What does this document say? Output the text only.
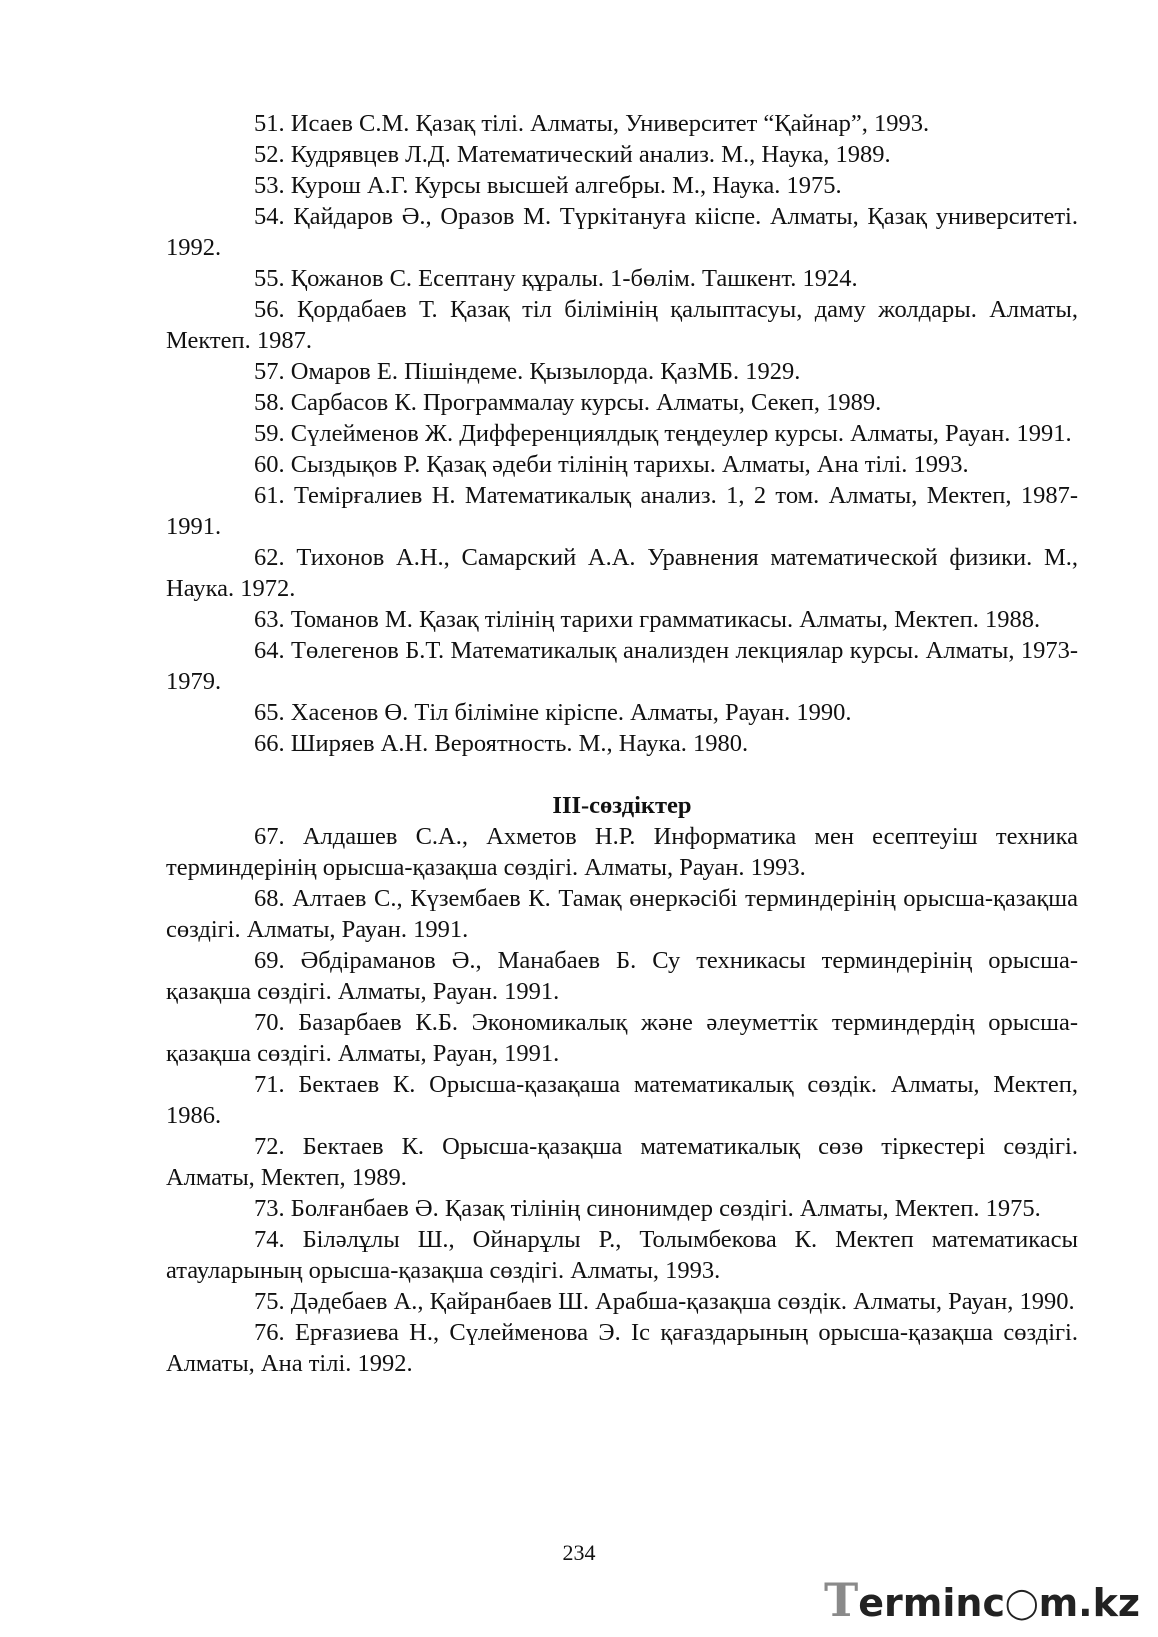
51. Исаев С.М. Қазақ тілі. Алматы, Университет “Қайнар”, 1993.

52. Кудрявцев Л.Д. Математический анализ. М., Наука, 1989.

53. Курош А.Г. Курсы высшей алгебры. М., Наука. 1975.

54. Қайдаров Ә., Оразов М. Түркітануға кіiспе. Алматы, Қазақ университеті. 1992.

55. Қожанов С. Есептану құралы. 1-бөлім. Ташкент. 1924.

56. Қордабаев Т. Қазақ тіл білімінің қалыптасуы, даму жолдары. Алматы, Мектеп. 1987.

57. Омаров Е. Пішіндеме. Қызылорда. ҚазМБ. 1929.

58. Сарбасов К. Программалау курсы. Алматы, Секеп, 1989.

59. Сүлейменов Ж. Дифференциялдық теңдеулер курсы. Алматы, Рауан. 1991.

60. Сыздықов Р. Қазақ әдеби тілінің тарихы. Алматы, Ана тілі. 1993.

61. Темірғалиев Н. Математикалық анализ. 1, 2 том. Алматы, Мектеп, 1987-1991.

62. Тихонов А.Н., Самарский А.А. Уравнения математической физики. М., Наука. 1972.

63. Томанов М. Қазақ тілінің тарихи грамматикасы. Алматы, Мектеп. 1988.

64. Төлегенов Б.Т. Математикалық анализден лекциялар курсы. Алматы, 1973-1979.

65. Хасенов Ө. Тіл біліміне кіріспе. Алматы, Рауан. 1990.

66. Ширяев А.Н. Вероятность. М., Наука. 1980.

ІІІ-сөздіктер

67. Алдашев С.А., Ахметов Н.Р. Информатика мен есептеуіш техника терминдерінің орысша-қазақша сөздігі. Алматы, Рауан. 1993.

68. Алтаев С., Күзембаев К. Тамақ өнеркәсібі терминдерінің орысша-қазақша сөздігі. Алматы, Рауан. 1991.

69. Әбдіраманов Ә., Манабаев Б. Су техникасы терминдерінің орысша-қазақша сөздігі. Алматы, Рауан. 1991.

70. Базарбаев К.Б. Экономикалық және әлеуметтік терминдердің орысша-қазақша сөздігі. Алматы, Рауан, 1991.

71. Бектаев К. Орысша-қазақаша математикалық сөздік. Алматы, Мектеп, 1986.

72. Бектаев К. Орысша-қазақша математикалық сөзө тіркестері сөздігі. Алматы, Мектеп, 1989.

73. Болғанбаев Ә. Қазақ тілінің синонимдер сөздігі. Алматы, Мектеп. 1975.

74. Біләлұлы Ш., Ойнарұлы Р., Толымбекова К. Мектеп математикасы атауларының орысша-қазақша сөздігі. Алматы, 1993.

75. Дәдебаев А., Қайранбаев Ш. Арабша-қазақша сөздік. Алматы, Рауан, 1990.

76. Ерғазиева Н., Сүлейменова Э. Іс қағаздарының орысша-қазақша сөздігі. Алматы, Ана тілі. 1992.

234
Terminc◯m.kz
